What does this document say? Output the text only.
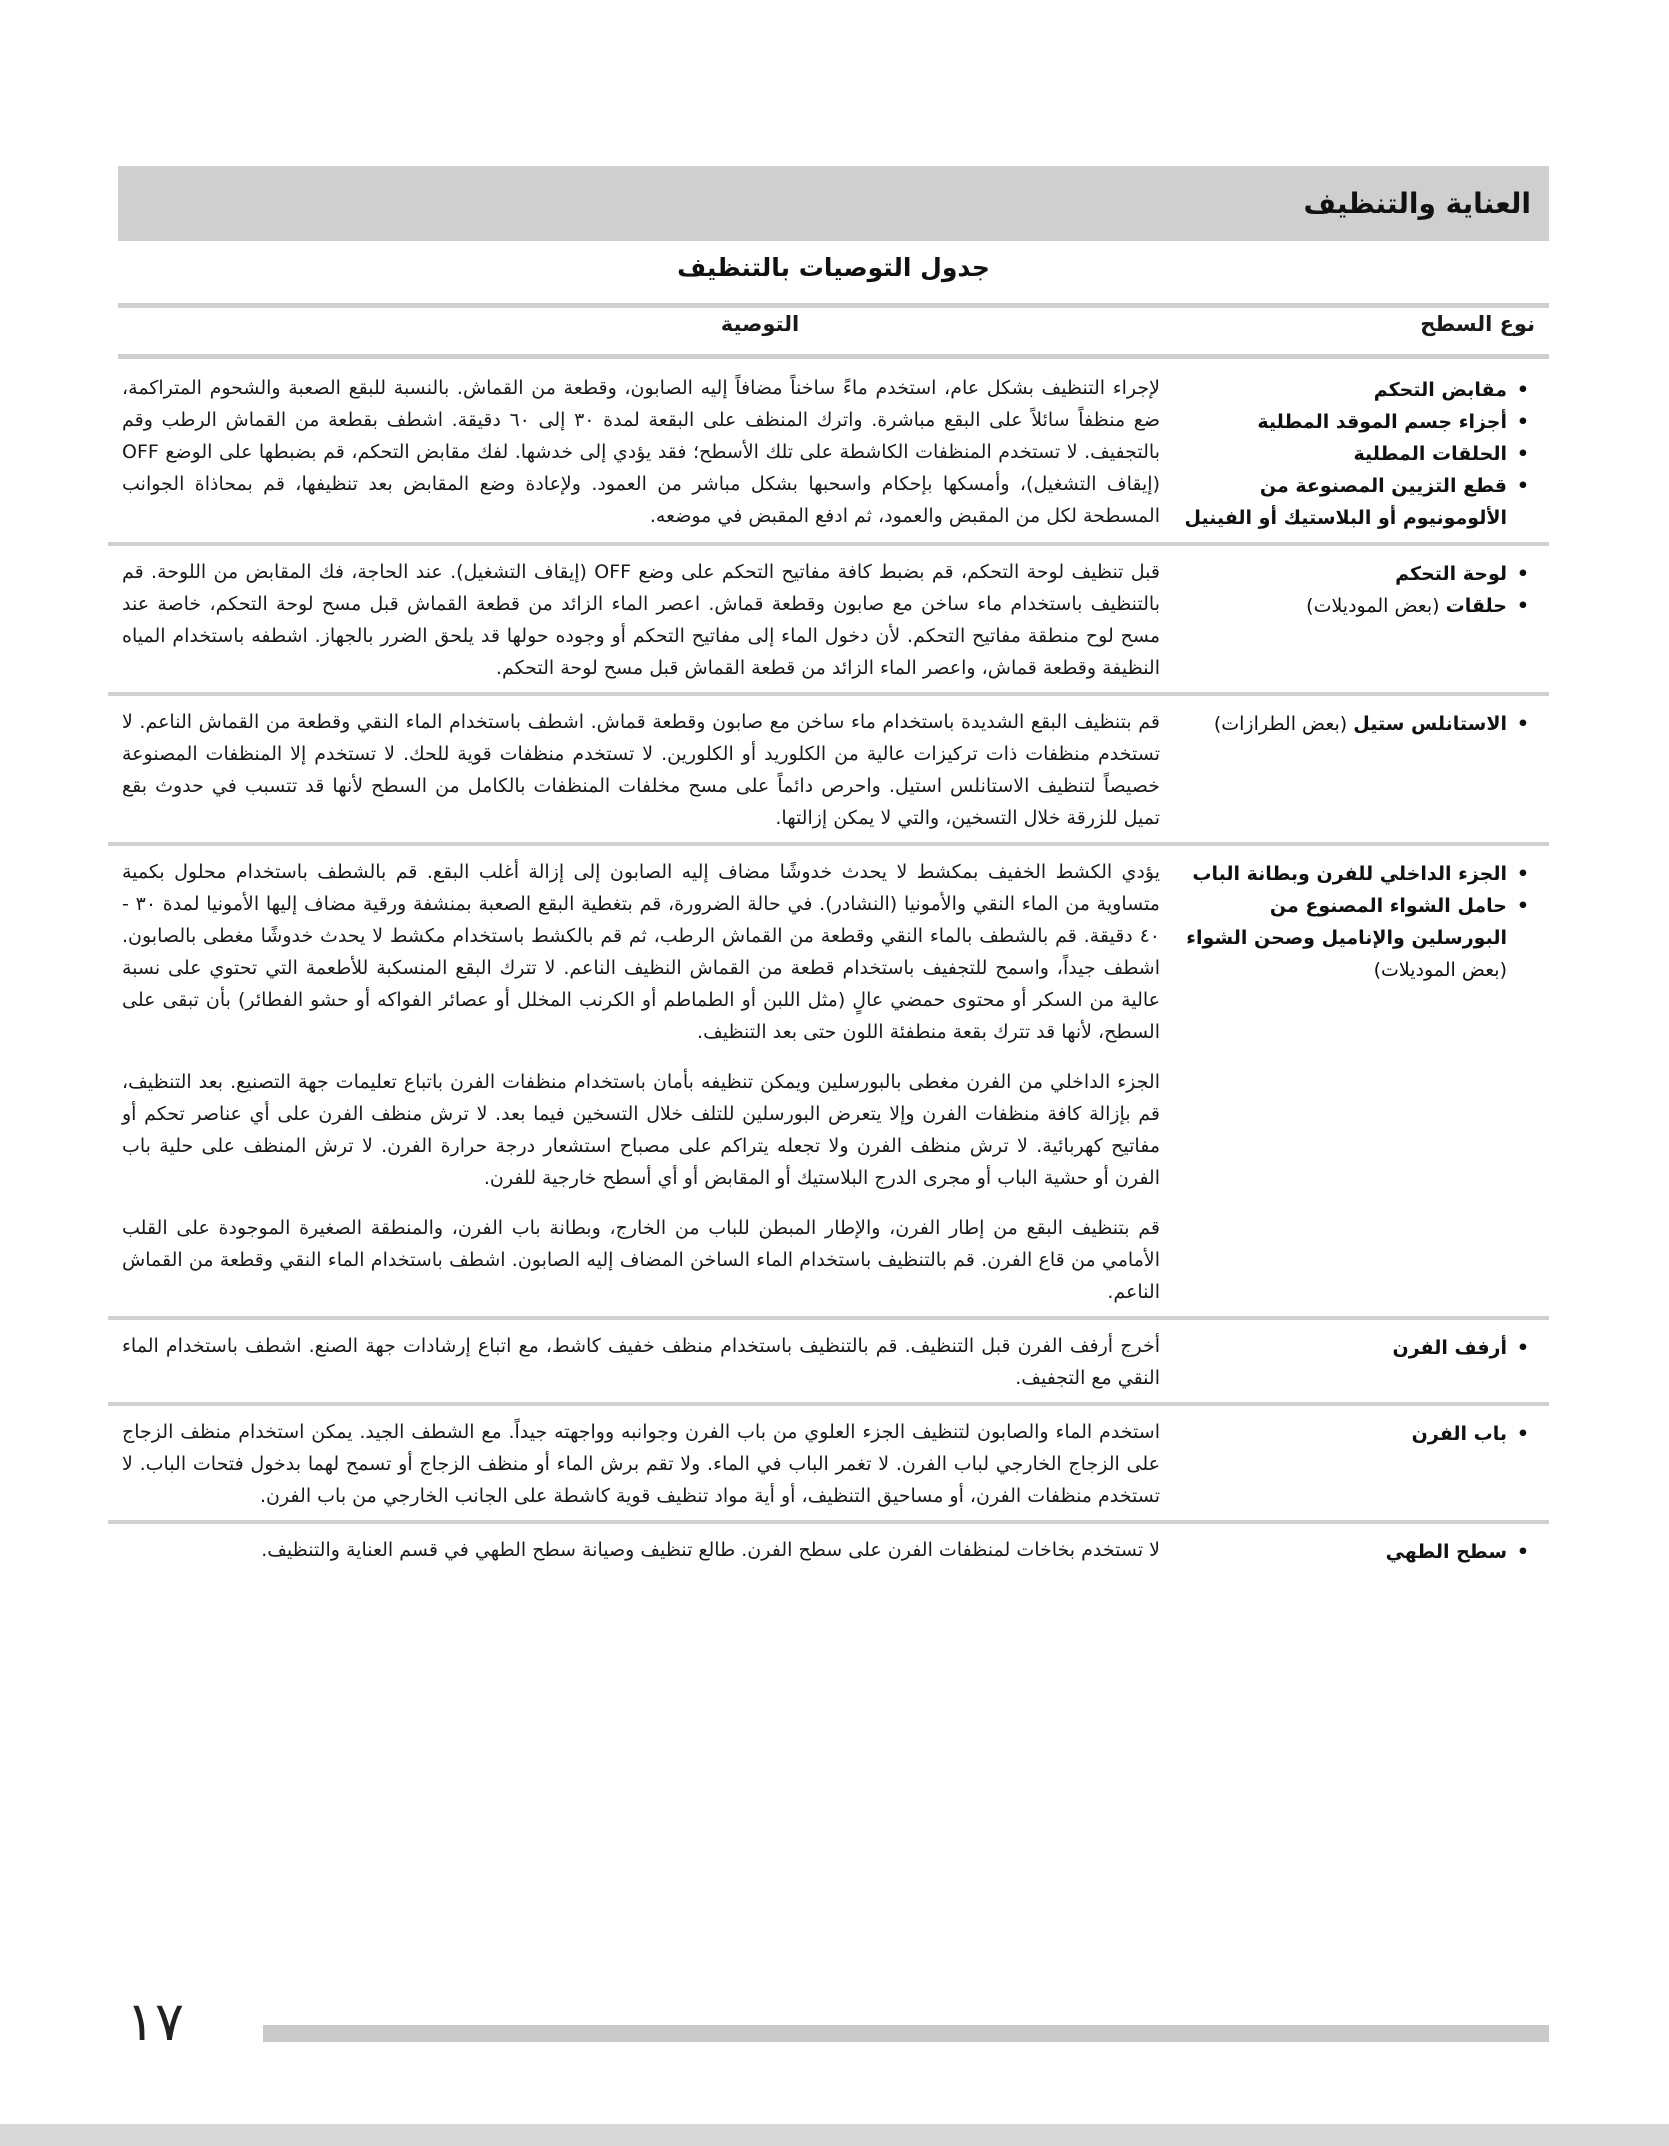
العناية والتنظيف
جدول التوصيات بالتنظيف
نوع السطح
التوصية
• مقابض التحكم
• أجزاء جسم الموقد المطلية
• الحلقات المطلية
• قطع التزيين المصنوعة من الألومونيوم أو البلاستيك أو الفينيل

لإجراء التنظيف بشكل عام، استخدم ماءً ساخناً مضافاً إليه الصابون، وقطعة من القماش. بالنسبة للبقع الصعبة والشحوم المتراكمة، ضع منظفاً سائلاً على البقع مباشرة. واترك المنظف على البقعة لمدة ٣٠ إلى ٦٠ دقيقة. اشطف بقطعة من القماش الرطب وقم بالتجفيف. لا تستخدم المنظفات الكاشطة على تلك الأسطح؛ فقد يؤدي إلى خدشها. لفك مقابض التحكم، قم بضبطها على الوضع OFF (إيقاف التشغيل)، وأمسكها بإحكام واسحبها بشكل مباشر من العمود. ولإعادة وضع المقابض بعد تنظيفها، قم بمحاذاة الجوانب المسطحة لكل من المقبض والعمود، ثم ادفع المقبض في موضعه.

• لوحة التحكم
• حلقات (بعض الموديلات)

قبل تنظيف لوحة التحكم، قم بضبط كافة مفاتيح التحكم على وضع OFF (إيقاف التشغيل). عند الحاجة، فك المقابض من اللوحة. قم بالتنظيف باستخدام ماء ساخن مع صابون وقطعة قماش. اعصر الماء الزائد من قطعة القماش قبل مسح لوحة التحكم، خاصة عند مسح لوح منطقة مفاتيح التحكم. لأن دخول الماء إلى مفاتيح التحكم أو وجوده حولها قد يلحق الضرر بالجهاز. اشطفه باستخدام المياه النظيفة وقطعة قماش، واعصر الماء الزائد من قطعة القماش قبل مسح لوحة التحكم.

• الاستانلس ستيل (بعض الطرازات)

قم بتنظيف البقع الشديدة باستخدام ماء ساخن مع صابون وقطعة قماش. اشطف باستخدام الماء النقي وقطعة من القماش الناعم. لا تستخدم منظفات ذات تركيزات عالية من الكلوريد أو الكلورين. لا تستخدم منظفات قوية للحك. لا تستخدم إلا المنظفات المصنوعة خصيصاً لتنظيف الاستانلس استيل. واحرص دائماً على مسح مخلفات المنظفات بالكامل من السطح لأنها قد تتسبب في حدوث بقع تميل للزرقة خلال التسخين، والتي لا يمكن إزالتها.

• الجزء الداخلي للفرن وبطانة الباب
• حامل الشواء المصنوع من البورسلين والإناميل وصحن الشواء (بعض الموديلات)

يؤدي الكشط الخفيف بمكشط لا يحدث خدوشًا مضاف إليه الصابون إلى إزالة أغلب البقع. قم بالشطف باستخدام محلول بكمية متساوية من الماء النقي والأمونيا (النشادر). في حالة الضرورة، قم بتغطية البقع الصعبة بمنشفة ورقية مضاف إليها الأمونيا لمدة ٣٠ - ٤٠ دقيقة. قم بالشطف بالماء النقي وقطعة من القماش الرطب، ثم قم بالكشط باستخدام مكشط لا يحدث خدوشًا مغطى بالصابون. اشطف جيداً، واسمح للتجفيف باستخدام قطعة من القماش النظيف الناعم. لا تترك البقع المنسكبة للأطعمة التي تحتوي على نسبة عالية من السكر أو محتوى حمضي عالٍ (مثل اللبن أو الطماطم أو الكرنب المخلل أو عصائر الفواكه أو حشو الفطائر) بأن تبقى على السطح، لأنها قد تترك بقعة منطفئة اللون حتى بعد التنظيف.

الجزء الداخلي من الفرن مغطى بالبورسلين ويمكن تنظيفه بأمان باستخدام منظفات الفرن باتباع تعليمات جهة التصنيع. بعد التنظيف، قم بإزالة كافة منظفات الفرن وإلا يتعرض البورسلين للتلف خلال التسخين فيما بعد. لا ترش منظف الفرن على أي عناصر تحكم أو مفاتيح كهربائية. لا ترش منظف الفرن ولا تجعله يتراكم على مصباح استشعار درجة حرارة الفرن. لا ترش المنظف على حلية باب الفرن أو حشية الباب أو مجرى الدرج البلاستيك أو المقابض أو أي أسطح خارجية للفرن.

قم بتنظيف البقع من إطار الفرن، والإطار المبطن للباب من الخارج، وبطانة باب الفرن، والمنطقة الصغيرة الموجودة على القلب الأمامي من قاع الفرن. قم بالتنظيف باستخدام الماء الساخن المضاف إليه الصابون. اشطف باستخدام الماء النقي وقطعة من القماش الناعم.

• أرفف الفرن

أخرج أرفف الفرن قبل التنظيف. قم بالتنظيف باستخدام منظف خفيف كاشط، مع اتباع إرشادات جهة الصنع. اشطف باستخدام الماء النقي مع التجفيف.

• باب الفرن

استخدم الماء والصابون لتنظيف الجزء العلوي من باب الفرن وجوانبه وواجهته جيداً. مع الشطف الجيد. يمكن استخدام منظف الزجاج على الزجاج الخارجي لباب الفرن. لا تغمر الباب في الماء. ولا تقم برش الماء أو منظف الزجاج أو تسمح لهما بدخول فتحات الباب. لا تستخدم منظفات الفرن، أو مساحيق التنظيف، أو أية مواد تنظيف قوية كاشطة على الجانب الخارجي من باب الفرن.

• سطح الطهي

لا تستخدم بخاخات لمنظفات الفرن على سطح الفرن. طالع تنظيف وصيانة سطح الطهي في قسم العناية والتنظيف.

١٧
